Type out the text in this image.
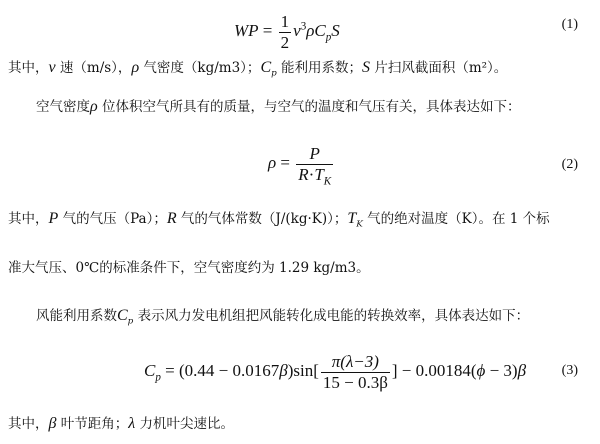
WP = $\frac{1}{2} v^3\rho C_pS$	(1)
其中，v 速（m/s），ρ 气密度（kg/m3）；$C_p$ 能利用系数；S 片扫风截面积（m²）。
空气密度ρ 位体积空气所具有的质量，与空气的温度和气压有关，具体表达如下：
$\rho = \frac{P}{R\cdot T_K}$	(2)
其中，P 气的气压（Pa）；R 气的气体常数（J/(kg·K)）；$T_K$ 气的绝对温度（K）。在 1 个标
准大气压、0℃的标准条件下，空气密度约为 1.29 kg/m3。
风能利用系数$C_p$ 表示风力发电机组把风能转化成电能的转换效率，具体表达如下：
$C_p = (0.44 - 0.0167\beta)\sin[ \frac{\pi(\lambda-3)}{15 - 0.3\beta}$ ] − 0.00184(ϕ − 3)β	(3)
其中，β 叶节距角；λ 力机叶尖速比。
